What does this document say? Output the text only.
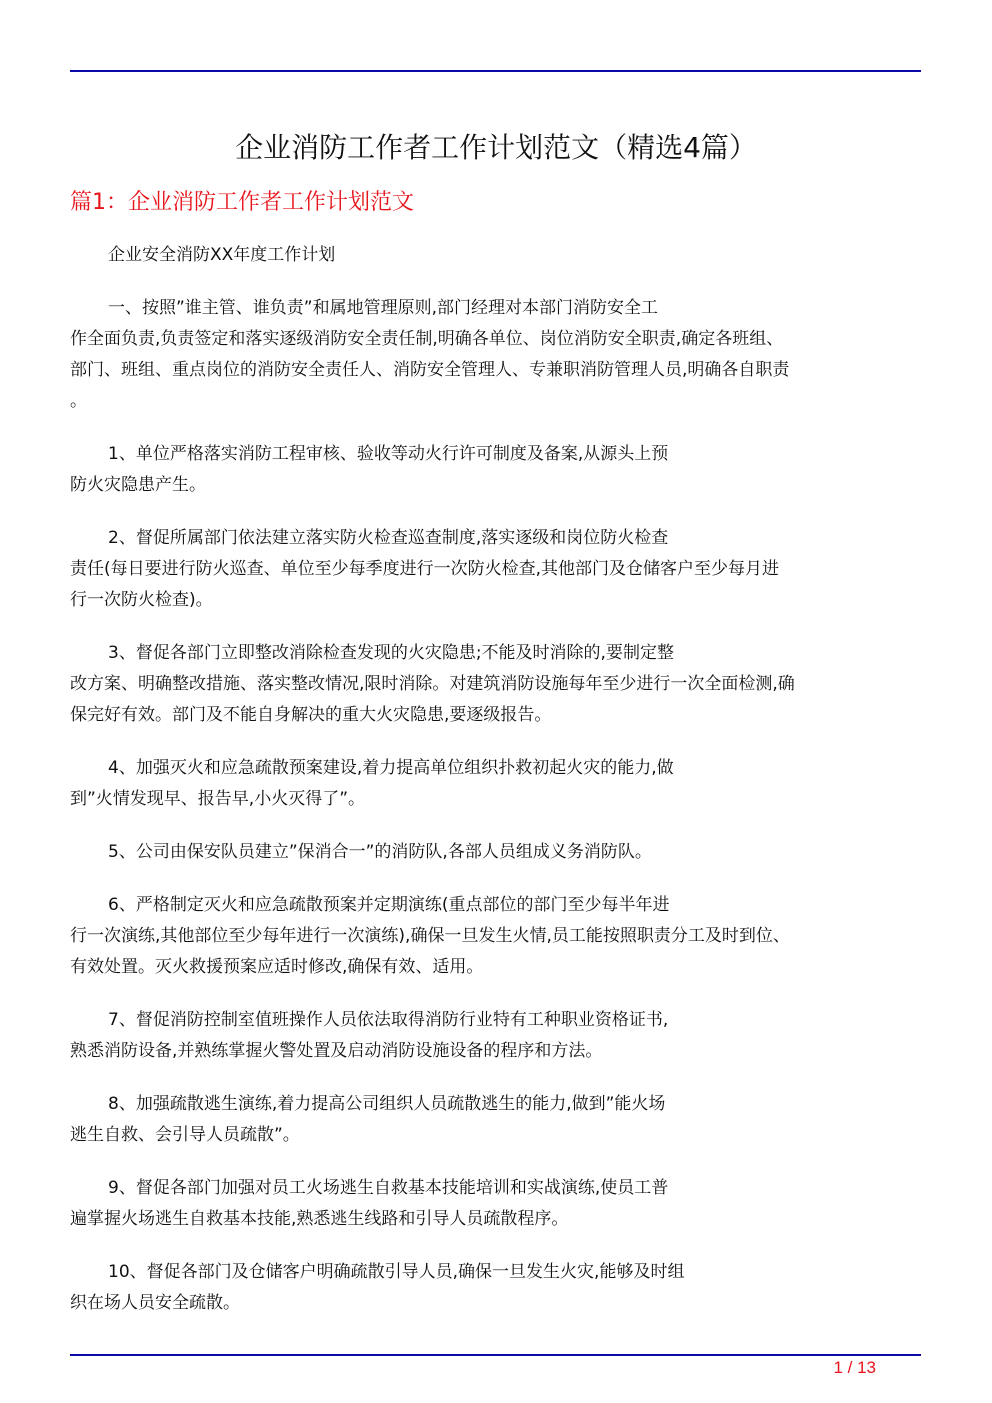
企业消防工作者工作计划范文（精选4篇）
篇1：企业消防工作者工作计划范文

企业安全消防XX年度工作计划

一、按照”谁主管、谁负责”和属地管理原则,部门经理对本部门消防安全工
作全面负责,负责签定和落实逐级消防安全责任制,明确各单位、岗位消防安全职责,确定各班组、
部门、班组、重点岗位的消防安全责任人、消防安全管理人、专兼职消防管理人员,明确各自职责
。

1、单位严格落实消防工程审核、验收等动火行许可制度及备案,从源头上预
防火灾隐患产生。

2、督促所属部门依法建立落实防火检查巡查制度,落实逐级和岗位防火检查
责任(每日要进行防火巡查、单位至少每季度进行一次防火检查,其他部门及仓储客户至少每月进
行一次防火检查)。

3、督促各部门立即整改消除检查发现的火灾隐患;不能及时消除的,要制定整
改方案、明确整改措施、落实整改情况,限时消除。对建筑消防设施每年至少进行一次全面检测,确
保完好有效。部门及不能自身解决的重大火灾隐患,要逐级报告。

4、加强灭火和应急疏散预案建设,着力提高单位组织扑救初起火灾的能力,做
到”火情发现早、报告早,小火灭得了”。

5、公司由保安队员建立”保消合一”的消防队,各部人员组成义务消防队。

6、严格制定灭火和应急疏散预案并定期演练(重点部位的部门至少每半年进
行一次演练,其他部位至少每年进行一次演练),确保一旦发生火情,员工能按照职责分工及时到位、
有效处置。灭火救援预案应适时修改,确保有效、适用。

7、督促消防控制室值班操作人员依法取得消防行业特有工种职业资格证书,
熟悉消防设备,并熟练掌握火警处置及启动消防设施设备的程序和方法。

8、加强疏散逃生演练,着力提高公司组织人员疏散逃生的能力,做到”能火场
逃生自救、会引导人员疏散”。

9、督促各部门加强对员工火场逃生自救基本技能培训和实战演练,使员工普
遍掌握火场逃生自救基本技能,熟悉逃生线路和引导人员疏散程序。

10、督促各部门及仓储客户明确疏散引导人员,确保一旦发生火灾,能够及时组
织在场人员安全疏散。

1 / 13
